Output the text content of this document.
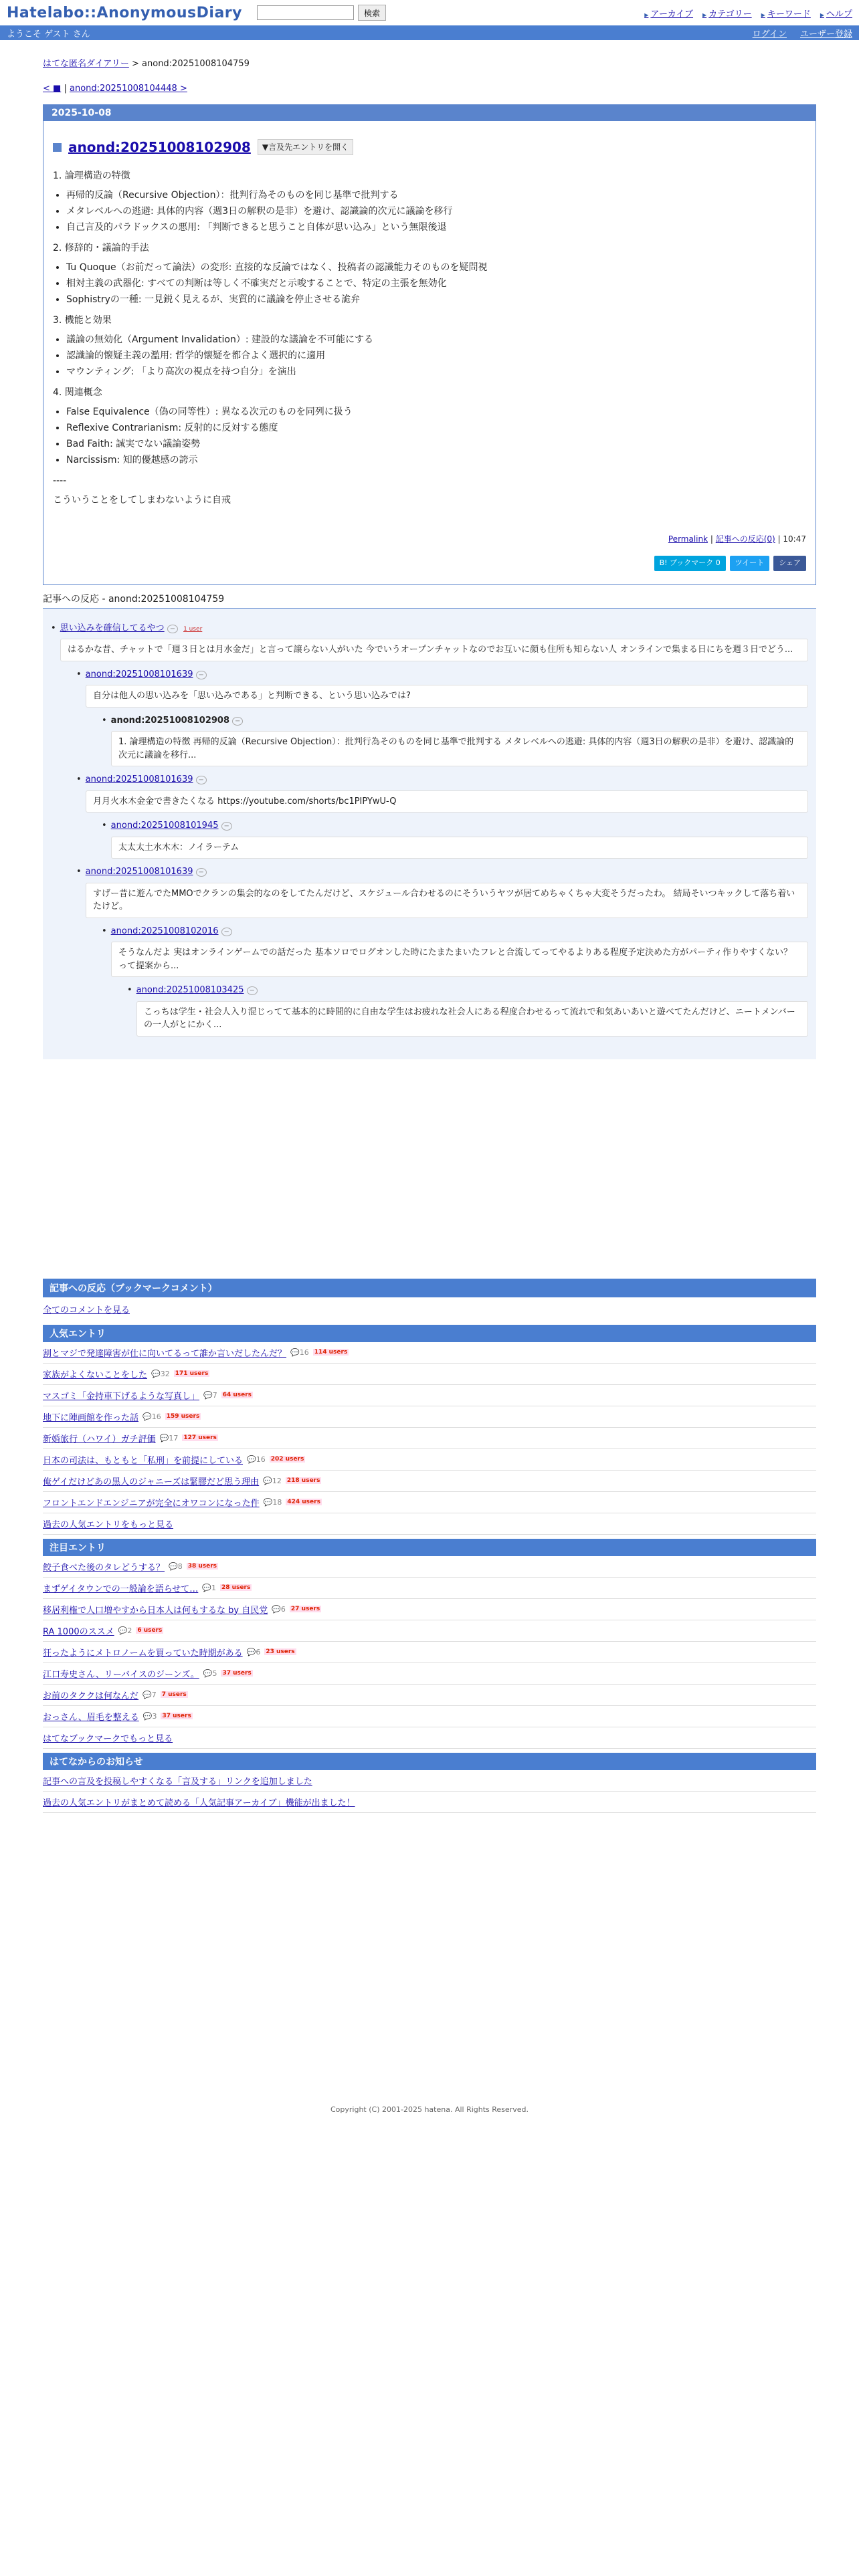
Hatelabo::AnonymousDiary	検索	▶ アーカイブ	▶ カテゴリー	▶ キーワード	▶ ヘルプ
ようこそ ゲスト さん	ログイン ユーザー登録
はてな匿名ダイアリー > anond:20251008104759
< ■ | anond:20251008104448 >
2025-10-08
anond:20251008102908	▼言及先エントリを開く

1. 論理構造の特徴

• 再帰的反論（Recursive Objection）：批判行為そのものを同じ基準で批判する
• メタレベルへの逃避: 具体的内容（週3日の解釈の是非）を避け、認識論的次元に議論を移行
• 自己言及的パラドックスの悪用: 「判断できると思うこと自体が思い込み」という無限後退

2. 修辞的・議論的手法

• Tu Quoque（お前だって論法）の変形: 直接的な反論ではなく、投稿者の認識能力そのものを疑問視
• 相対主義の武器化: すべての判断は等しく不確実だと示唆することで、特定の主張を無効化
• Sophistryの一種: 一見鋭く見えるが、実質的に議論を停止させる詭弁

3. 機能と効果

• 議論の無効化（Argument Invalidation）: 建設的な議論を不可能にする
• 認識論的懐疑主義の濫用: 哲学的懐疑を都合よく選択的に適用
• マウンティング: 「より高次の視点を持つ自分」を演出

4. 関連概念

• False Equivalence（偽の同等性）: 異なる次元のものを同列に扱う
• Reflexive Contrarianism: 反射的に反対する態度
• Bad Faith: 誠実でない議論姿勢
• Narcissism: 知的優越感の誇示

----

こういうことをしてしまわないように自戒

Permalink | 記事への反応(0) | 10:47
B! ブックマーク 0	ツイート	シェア
記事への反応 - anond:20251008104759
• 思い込みを確信してるやつ − 1 user
はるかな昔、チャットで「週３日とは月水金だ」と言って譲らない人がいた 今でいうオープンチャットなのでお互いに顔も住所も知らない人 オンラインで集まる日にちを週３日でどう...
• anond:20251008101639 −
自分は他人の思い込みを「思い込みである」と判断できる、という思い込みでは?
• anond:20251008102908 −
1. 論理構造の特徴 再帰的反論（Recursive Objection）：批判行為そのものを同じ基準で批判する メタレベルへの逃避: 具体的内容（週3日の解釈の是非）を避け、認識論的次元に議論を移行...
• anond:20251008101639 −
月月火水木金金で書きたくなる https://youtube.com/shorts/bc1PIPYwU-Q
• anond:20251008101945 −
太太太土水木木：ノイラーテム
• anond:20251008101639 −
すげー昔に遊んでたMMOでクランの集会的なのをしてたんだけど、スケジュール合わせるのにそういうヤツが居てめちゃくちゃ大変そうだったわ。 結局そいつキックして落ち着いたけど。
• anond:20251008102016 −
そうなんだよ 実はオンラインゲームでの話だった 基本ソロでログオンした時にたまたまいたフレと合流してってやるよりある程度予定決めた方がパーティ作りやすくない？って提案から...
• anond:20251008103425 −
こっちは学生・社会人入り混じってて基本的に時間的に自由な学生はお疲れな社会人にある程度合わせるって流れで和気あいあいと遊べてたんだけど、ニートメンバーの一人がとにかく...
記事への反応（ブックマークコメント）
全てのコメントを見る
人気エントリ
割とマジで発達障害が仕に向いてるって誰か言いだしたんだ？ 💬16 114 users
家族がよくないことをした 💬32 171 users
マスゴミ「金持車下げるような写真し」 💬7 64 users
地下に陣画館を作った話 💬16 159 users
新婚旅行（ハワイ）ガチ評価 💬17 127 users
日本の司法は、もともと「私刑」を前提にしている 💬16 202 users
俺ゲイだけどあの黒人のジャニーズは緊膠だど思う理由 💬12 218 users
フロントエンドエンジニアが完全にオワコンになった件 💬18 424 users
過去の人気エントリをもっと見る
注目エントリ
餃子食べた後のタレどうする？ 💬8 38 users
まずゲイタウンでの一般論を語らせて… 💬1 28 users
移居利権で人口増やすから日本人は何もするな by 自民党 💬6 27 users
RA 1000のススメ 💬2 6 users
狂ったようにメトロノームを買っていた時期がある 💬6 23 users
江口寿史さん、リーバイスのジーンズ。 💬5 37 users
お前のタククは何なんだ 💬7 7 users
おっさん、眉毛を整える 💬3 37 users
はてなブックマークでもっと見る
はてなからのお知らせ
記事への言及を投稿しやすくなる「言及する」リンクを追加しました
過去の人気エントリがまとめて読める「人気記事アーカイブ」機能が出ました！
Copyright (C) 2001-2025 hatena. All Rights Reserved.
